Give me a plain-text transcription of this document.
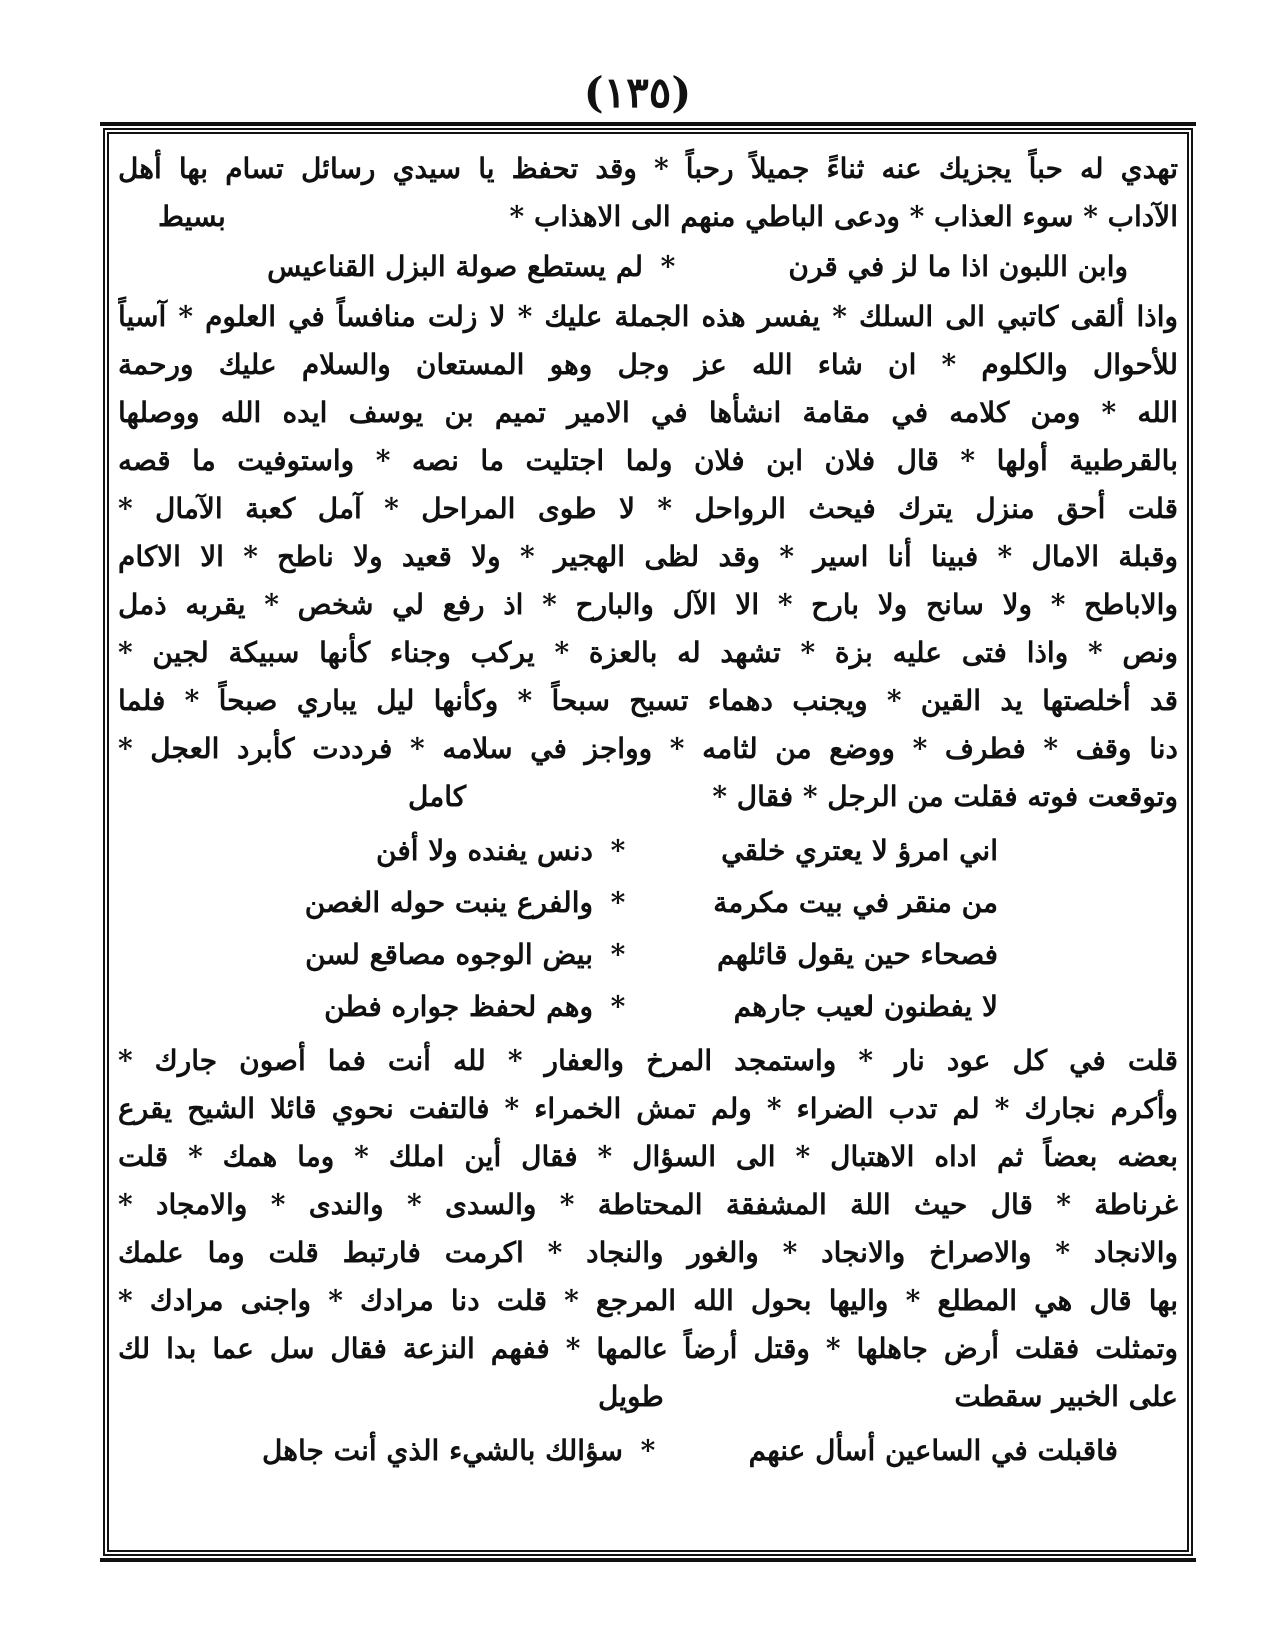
(١٣٥)
تهدي له حباً يجزيك عنه ثناءً جميلاً رحباً * وقد تحفظ يا سيدي رسائل تسام بها أهل
الآداب * سوء العذاب * ودعى الباطي منهم الى الاهذاب *
بسيط
وابن اللبون اذا ما لز في قرن
*
لم يستطع صولة البزل القناعيس
واذا ألقى كاتبي الى السلك * يفسر هذه الجملة عليك * لا زلت منافساً في العلوم * آسياً
للأحوال والكلوم * ان شاء الله عز وجل وهو المستعان والسلام عليك ورحمة
الله * ومن كلامه في مقامة انشأها في الامير تميم بن يوسف ايده الله ووصلها
بالقرطبية أولها * قال فلان ابن فلان ولما اجتليت ما نصه * واستوفيت ما قصه
قلت أحق منزل يترك فيحث الرواحل * لا طوى المراحل * آمل كعبة الآمال *
وقبلة الامال * فبينا أنا اسير * وقد لظى الهجير * ولا قعيد ولا ناطح * الا الاكام
والاباطح * ولا سانح ولا بارح * الا الآل والبارح * اذ رفع لي شخص * يقربه ذمل
ونص * واذا فتى عليه بزة * تشهد له بالعزة * يركب وجناء كأنها سبيكة لجين *
قد أخلصتها يد القين * ويجنب دهماء تسبح سبحاً * وكأنها ليل يباري صبحاً * فلما
دنا وقف * فطرف * ووضع من لثامه * وواجز في سلامه * فرددت كأبرد العجل *
وتوقعت فوته فقلت من الرجل * فقال *
كامل
اني امرؤ لا يعتري خلقي
*
دنس يفنده ولا أفن
من منقر في بيت مكرمة
*
والفرع ينبت حوله الغصن
فصحاء حين يقول قائلهم
*
بيض الوجوه مصاقع لسن
لا يفطنون لعيب جارهم
*
وهم لحفظ جواره فطن
قلت في كل عود نار * واستمجد المرخ والعفار * لله أنت فما أصون جارك *
وأكرم نجارك * لم تدب الضراء * ولم تمش الخمراء * فالتفت نحوي قائلا الشيح يقرع
بعضه بعضاً ثم اداه الاهتبال * الى السؤال * فقال أين املك * وما همك * قلت
غرناطة * قال حيث اللة المشفقة المحتاطة * والسدى * والندى * والامجاد *
والانجاد * والاصراخ والانجاد * والغور والنجاد * اكرمت فارتبط قلت وما علمك
بها قال هي المطلع * واليها بحول الله المرجع * قلت دنا مرادك * واجنى مرادك *
وتمثلت فقلت أرض جاهلها * وقتل أرضاً عالمها * ففهم النزعة فقال سل عما بدا لك
على الخبير سقطت
طويل
فاقبلت في الساعين أسأل عنهم
*
سؤالك بالشيء الذي أنت جاهل
